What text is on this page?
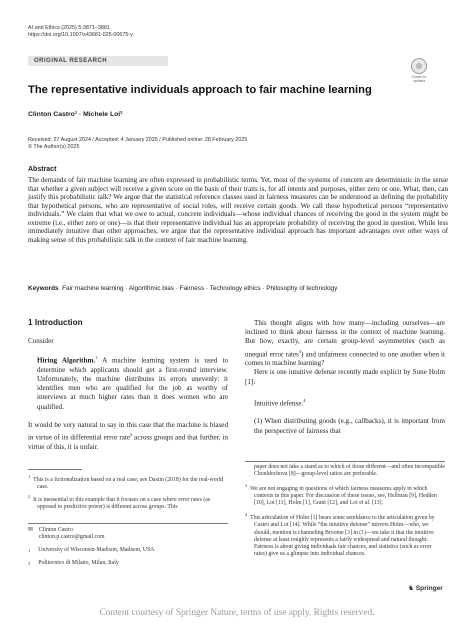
AI and Ethics (2025) 5:3871–3881
https://doi.org/10.1007/s43681-025-00675-y
ORIGINAL RESEARCH
Check for updates
The representative individuals approach to fair machine learning
Clinton Castro¹ · Michele Loi²
Received: 27 August 2024 / Accepted: 4 January 2025 / Published online: 28 February 2025
© The Author(s) 2025
Abstract
The demands of fair machine learning are often expressed in probabilistic terms. Yet, most of the systems of concern are deterministic in the sense that whether a given subject will receive a given score on the basis of their traits is, for all intents and purposes, either zero or one. What, then, can justify this probabilistic talk? We argue that the statistical reference classes used in fairness measures can be understood as defining the probability that hypothetical persons, who are representative of social roles, will receive certain goods. We call these hypothetical persons “representative individuals.” We claim that what we owe to actual, concrete individuals—whose individual chances of receiving the good in the system might be extreme (i.e., either zero or one)—is that their representative individual has an appropriate probability of receiving the good in question. While less immediately intuitive than other approaches, we argue that the representative individual approach has important advantages over other ways of making sense of this probabilistic talk in the context of fair machine learning.
Keywords Fair machine learning · Algorithmic bias · Fairness · Technology ethics · Philosophy of technology
1 Introduction

Consider

Hiring Algorithm.$^1$ A machine learning system is used to determine which applicants should get a first-round interview. Unfortunately, the machine distributes its errors unevenly: it identifies men who are qualified for the job as worthy of interviews at much higher rates than it does women who are qualified.

It would be very natural to say in this case that the machine is biased in virtue of its differential error rate$^2$ across groups and that further, in virtue of this, it is unfair.

This thought aligns with how many—including ourselves—are inclined to think about fairness in the context of machine learning. But how, exactly, are certain group-level asymmetries (such as unequal error rates$^3$) and unfairness connected to one another when it comes to machine learning?

Here is one intuitive defense recently made explicit by Sune Holm [1]:

Intuitive defense.$^4$

(1) When distributing goods (e.g., callbacks), it is important from the perspective of fairness that

$^1$  This is a fictionalization based on a real case; see Dastin (2018) for the real-world case.

$^2$  It is inessential to this example that it focuses on a case where error rates (as opposed to predictive power) is different across groups. This

✉ Clinton Castro
clinton.p.castro@gmail.com
1 University of Wisconsin-Madison, Madison, USA
2 Politecnico di Milano, Milan, Italy

paper does not take a stand as to which of those different—and often incompatible Chouldechova [8]—group-level ratios are preferable.

$^3$  We are not engaging in questions of which fairness measures apply in which contexts in this paper. For discussion of these issues, see, Hellman [9], Hedden [10], Loi [11], Holm [1], Grant [12], and Loi et al. [13].

$^4$  This articulation of Holm [1] bears some semblance to the articulation given by Castro and Loi [14]. While “the intuitive defense” mirrors Holm—who, we should, mention is channeling Broome [3] in (1)—we take it that the intuitive defense at least roughly represents a fairly widespread and natural thought: Fairness is about giving individuals fair chances, and statistics (such as error rates) give us a glimpse into individual chances.

♞ Springer
Content courtesy of Springer Nature, terms of use apply. Rights reserved.
